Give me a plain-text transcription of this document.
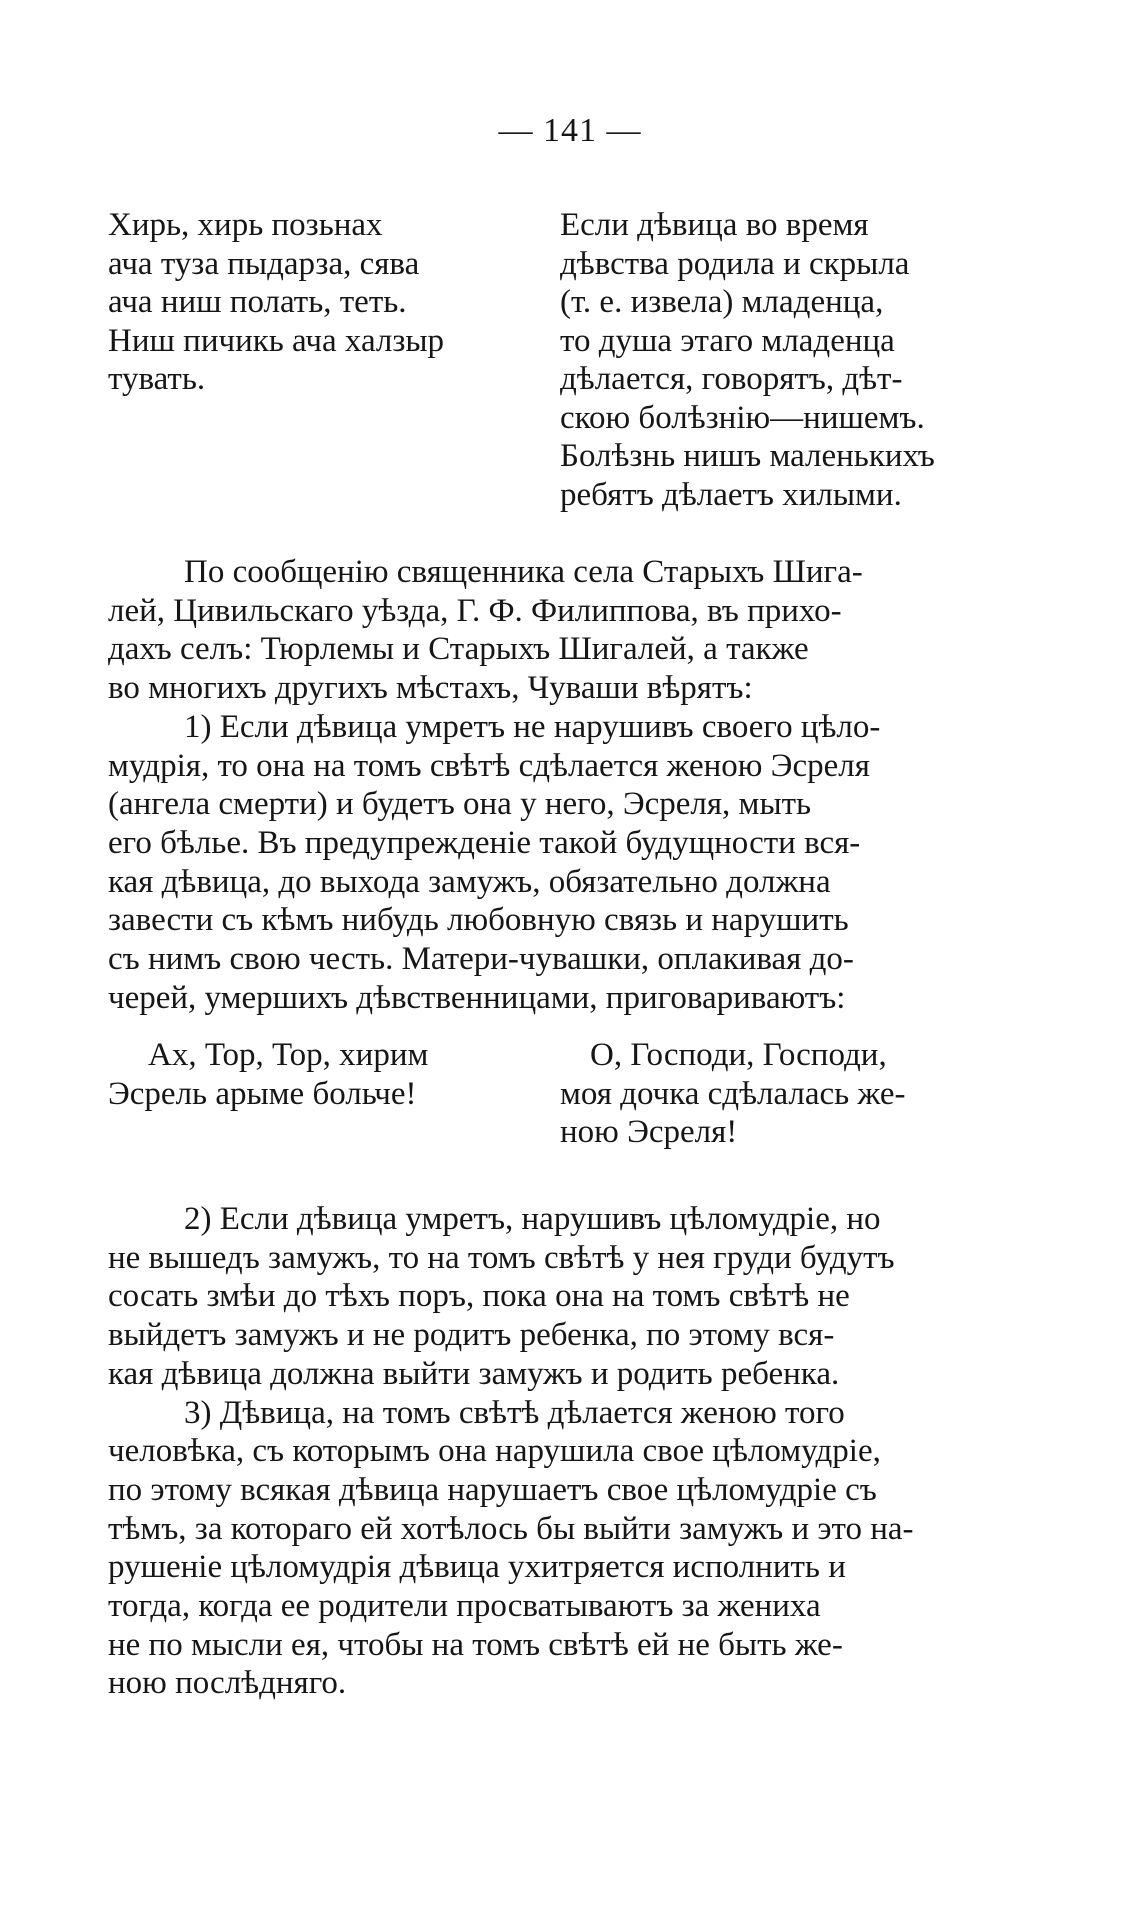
— 141 —
Хирь, хирь позьнах
ача туза пыдарза, сява
ача ниш полать, теть.
Ниш пичикь ача халзыр
тувать.
Если дѣвица во время
дѣвства родила и скрыла
(т. е. извела) младенца,
то душа этаго младенца
дѣлается, говорятъ, дѣт-
скою болѣзнію—нишемъ.
Болѣзнь нишъ маленькихъ
ребятъ дѣлаетъ хилыми.
По сообщенію священника села Старыхъ Шига-
лей, Цивильскаго уѣзда, Г. Ф. Филиппова, въ прихо-
дахъ селъ: Тюрлемы и Старыхъ Шигалей, а также
во многихъ другихъ мѣстахъ, Чуваши вѣрятъ:
1) Если дѣвица умретъ не нарушивъ своего цѣло-
мудрія, то она на томъ свѣтѣ сдѣлается женою Эсреля
(ангела смерти) и будетъ она у него, Эсреля, мыть
его бѣлье. Въ предупрежденіе такой будущности вся-
кая дѣвица, до выхода замужъ, обязательно должна
завести съ кѣмъ нибудь любовную связь и нарушить
съ нимъ свою честь. Матери-чувашки, оплакивая до-
черей, умершихъ дѣвственницами, приговариваютъ:
Ах, Тор, Тор, хирим
Эсрель арыме больче!
О, Господи, Господи,
моя дочка сдѣлалась же-
ною Эсреля!
2) Если дѣвица умретъ, нарушивъ цѣломудріе, но
не вышедъ замужъ, то на томъ свѣтѣ у нея груди будутъ
сосать змѣи до тѣхъ поръ, пока она на томъ свѣтѣ не
выйдетъ замужъ и не родитъ ребенка, по этому вся-
кая дѣвица должна выйти замужъ и родить ребенка.
3) Дѣвица, на томъ свѣтѣ дѣлается женою того
человѣка, съ которымъ она нарушила свое цѣломудріе,
по этому всякая дѣвица нарушаетъ свое цѣломудріе съ
тѣмъ, за котораго ей хотѣлось бы выйти замужъ и это на-
рушеніе цѣломудрія дѣвица ухитряется исполнить и
тогда, когда ее родители просватываютъ за жениха
не по мысли ея, чтобы на томъ свѣтѣ ей не быть же-
ною послѣдняго.
